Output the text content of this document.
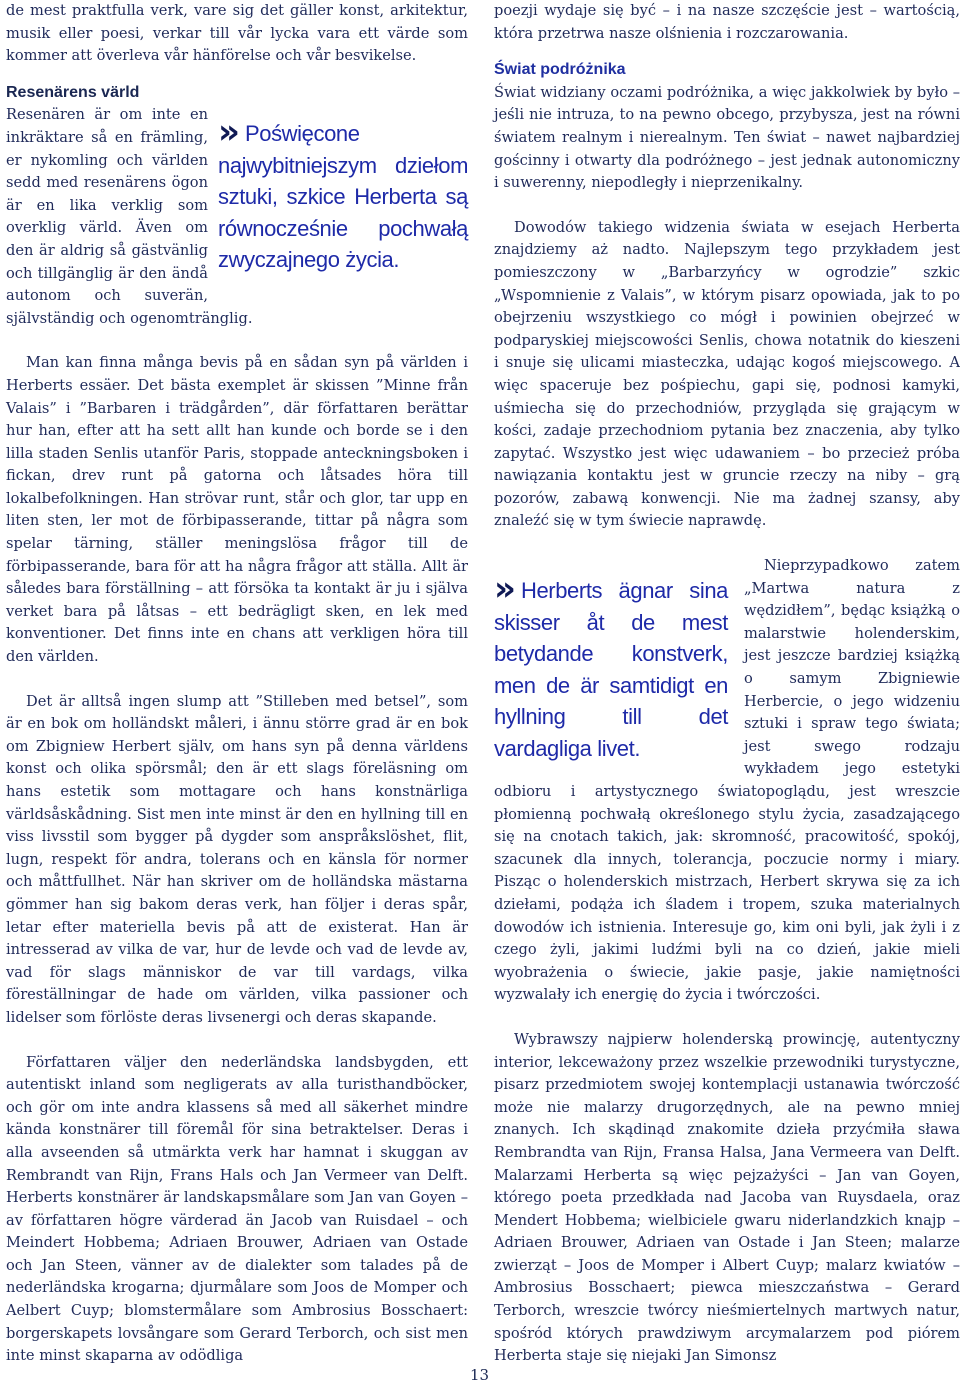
de mest praktfulla verk, vare sig det gäller konst, arkitektur, musik eller poesi, verkar till vår lycka vara ett värde som kommer att överleva vår hänförelse och vår besvikelse.

Resenärens värld

» Poświęcone najwybitniejszym dziełom sztuki, szkice Herberta są równocześnie pochwałą zwyczajnego życia.
Resenären är om inte en inkräktare så en främling, er nykomling och världen sedd med resenärens ögon är en lika verklig som overklig värld. Även om den är aldrig så gästvänlig och tillgänglig är den ändå autonom och suverän, självständig och ogenomtränglig.

Man kan finna många bevis på en sådan syn på världen i Herberts essäer. Det bästa exemplet är skissen ”Minne från Valais” i ”Barbaren i trädgården”, där författaren berättar hur han, efter att ha sett allt han kunde och borde se i den lilla staden Senlis utanför Paris, stoppade anteckningsboken i fickan, drev runt på gatorna och låtsades höra till lokalbefolkningen. Han strövar runt, står och glor, tar upp en liten sten, ler mot de förbipasserande, tittar på några som spelar tärning, ställer meningslösa frågor till de förbipasserande, bara för att ha några frågor att ställa. Allt är således bara förställning – att försöka ta kontakt är ju i själva verket bara på låtsas – ett bedrägligt sken, en lek med konventioner. Det finns inte en chans att verkligen höra till den världen.

Det är alltså ingen slump att ”Stilleben med betsel”, som är en bok om holländskt måleri, i ännu större grad är en bok om Zbigniew Herbert själv, om hans syn på denna världens konst och olika spörsmål; den är ett slags föreläsning om hans estetik som mottagare och hans konstnärliga världsåskådning. Sist men inte minst är den en hyllning till en viss livsstil som bygger på dygder som anspråkslöshet, flit, lugn, respekt för andra, tolerans och en känsla för normer och måttfullhet. När han skriver om de holländska mästarna gömmer han sig bakom deras verk, han följer i deras spår, letar efter materiella bevis på att de existerat. Han är intresserad av vilka de var, hur de levde och vad de levde av, vad för slags människor de var till vardags, vilka föreställningar de hade om världen, vilka passioner och lidelser som förlöste deras livsenergi och deras skapande.

Författaren väljer den nederländska landsbygden, ett autentiskt inland som negligerats av alla turisthandböcker, och gör om inte andra klassens så med all säkerhet mindre kända konstnärer till föremål för sina betraktelser. Deras i alla avseenden så utmärkta verk har hamnat i skuggan av Rembrandt van Rijn, Frans Hals och Jan Vermeer van Delft. Herberts konstnärer är landskapsmålare som Jan van Goyen – av författaren högre värderad än Jacob van Ruisdael – och Meindert Hobbema; Adriaen Brouwer, Adriaen van Ostade och Jan Steen, vänner av de dialekter som talades på de nederländska krogarna; djurmålare som Joos de Momper och Aelbert Cuyp; blomstermålare som Ambrosius Bosschaert: borgerskapets lovsångare som Gerard Terborch, och sist men inte minst skaparna av odödliga

poezji wydaje się być – i na nasze szczęście jest – wartością, która przetrwa nasze olśnienia i rozczarowania.

Świat podróżnika

Świat widziany oczami podróżnika, a więc jakkolwiek by było – jeśli nie intruza, to na pewno obcego, przybysza, jest na równi światem realnym i nierealnym. Ten świat – nawet najbardziej gościnny i otwarty dla podróżnego – jest jednak autonomiczny i suwerenny, niepodległy i nieprzenikalny.

Dowodów takiego widzenia świata w esejach Herberta znajdziemy aż nadto. Najlepszym tego przykładem jest pomieszczony w „Barbarzyńcy w ogrodzie” szkic „Wspomnienie z Valais”, w którym pisarz opowiada, jak to po obejrzeniu wszystkiego co mógł i powinien obejrzeć w podparyskiej miejscowości Senlis, chowa notatnik do kieszeni i snuje się ulicami miasteczka, udając kogoś miejscowego. A więc spaceruje bez pośpiechu, gapi się, podnosi kamyki, uśmiecha się do przechodniów, przygląda się grającym w kości, zadaje przechodniom pytania bez znaczenia, aby tylko zapytać. Wszystko jest więc udawaniem – bo przecież próba nawiązania kontaktu jest w gruncie rzeczy na niby – grą pozorów, zabawą konwencji. Nie ma żadnej szansy, aby znaleźć się w tym świecie naprawdę.

» Herberts ägnar sina skisser åt de mest betydande konstverk, men de är samtidigt en hyllning till det vardagliga livet.
Nieprzypadkowo zatem „Martwa natura z wędzidłem”, będąc książką o malarstwie holenderskim, jest jeszcze bardziej książką o samym Zbigniewie Herbercie, o jego widzeniu sztuki i spraw tego świata; jest swego rodzaju wykładem jego estetyki odbioru i artystycznego światopoglądu, jest wreszcie płomienną pochwałą określonego stylu życia, zasadzającego się na cnotach takich, jak: skromność, pracowitość, spokój, szacunek dla innych, tolerancja, poczucie normy i miary. Pisząc o holenderskich mistrzach, Herbert skrywa się za ich dziełami, podąża ich śladem i tropem, szuka materialnych dowodów ich istnienia. Interesuje go, kim oni byli, jak żyli i z czego żyli, jakimi ludźmi byli na co dzień, jakie mieli wyobrażenia o świecie, jakie pasje, jakie namiętności wyzwalały ich energię do życia i twórczości.

Wybrawszy najpierw holenderską prowincję, autentyczny interior, lekceważony przez wszelkie przewodniki turystyczne, pisarz przedmiotem swojej kontemplacji ustanawia twórczość może nie malarzy drugorzędnych, ale na pewno mniej znanych. Ich skądinąd znakomite dzieła przyćmiła sława Rembrandta van Rijn, Fransa Halsa, Jana Vermeera van Delft. Malarzami Herberta są więc pejzażyści – Jan van Goyen, którego poeta przedkłada nad Jacoba van Ruysdaela, oraz Mendert Hobbema; wielbiciele gwaru niderlandzkich knajp – Adriaen Brouwer, Adriaen van Ostade i Jan Steen; malarze zwierząt – Joos de Momper i Albert Cuyp; malarz kwiatów – Ambrosius Bosschaert; piewca mieszczaństwa – Gerard Terborch, wreszcie twórcy nieśmiertelnych martwych natur, spośród których prawdziwym arcymalarzem pod piórem Herberta staje się niejaki Jan Simonsz

13
